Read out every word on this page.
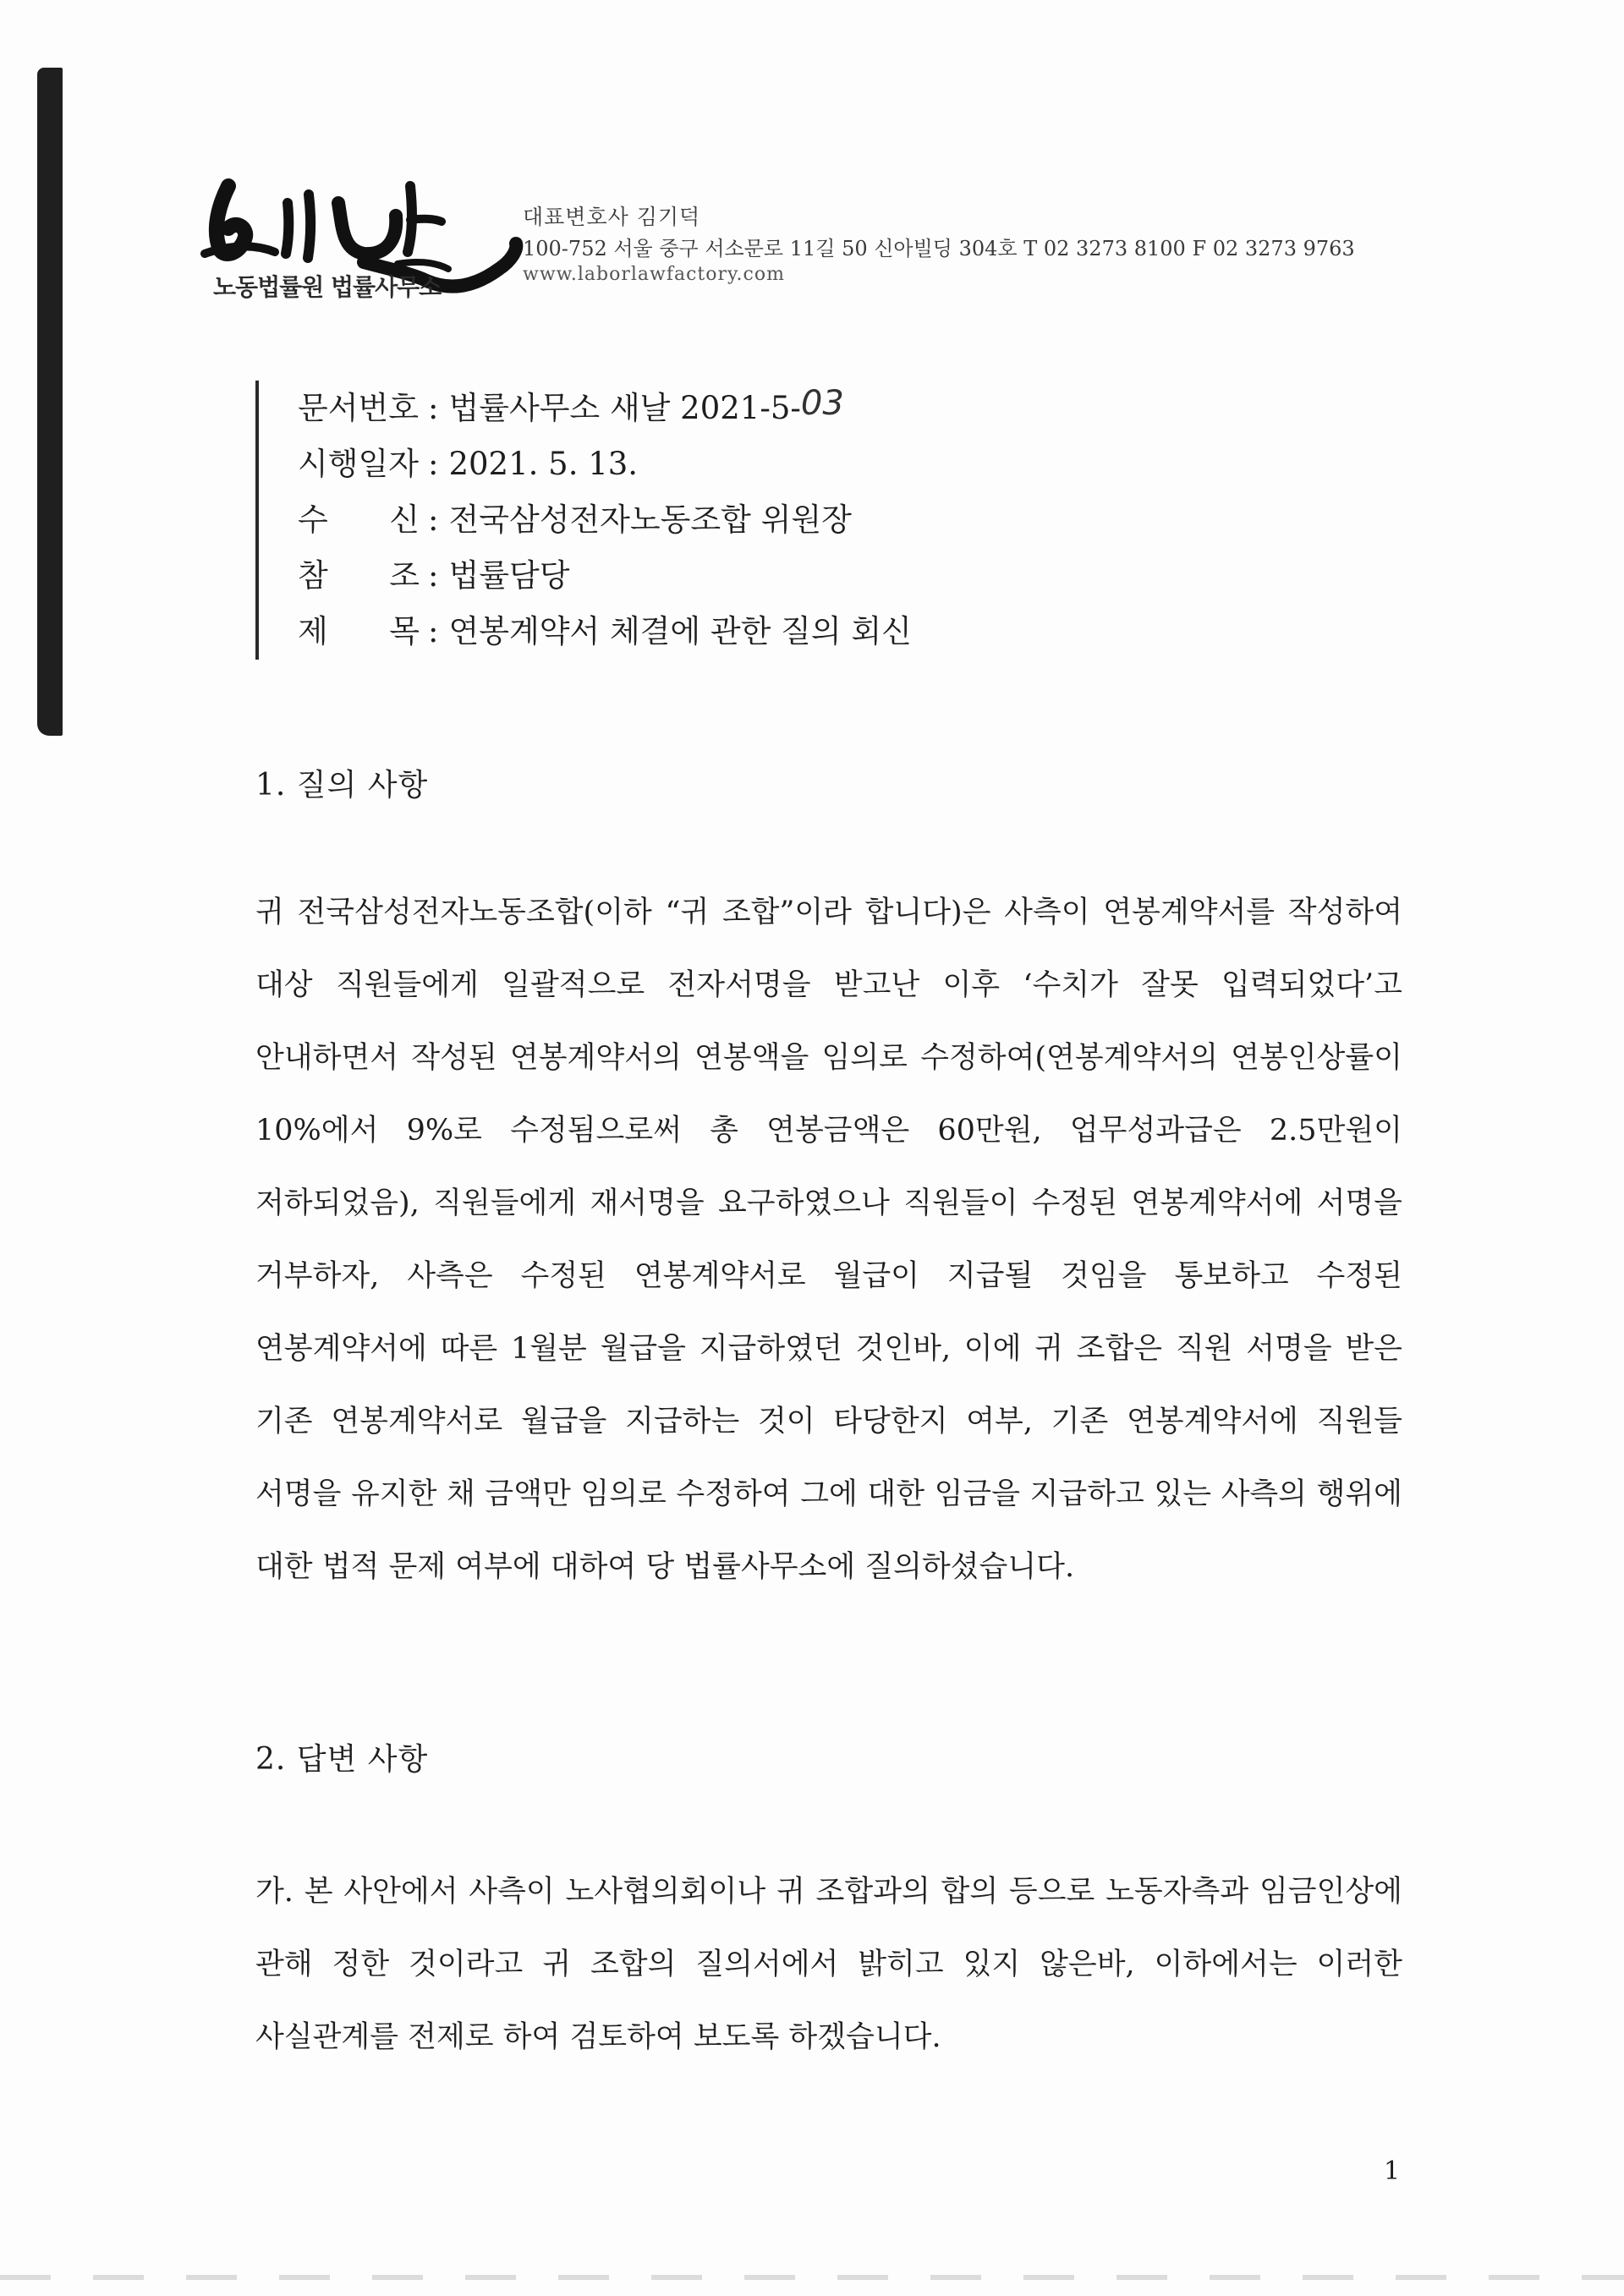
노동법률원 법률사무소
대표변호사 김기덕
100-752 서울 중구 서소문로 11길 50 신아빌딩 304호 T 02 3273 8100 F 02 3273 9763
www.laborlawfactory.com
문서번호 : 법률사무소 새날 2021-5- 03
시행일자 : 2021. 5. 13.
수 신 : 전국삼성전자노동조합 위원장
참 조 : 법률담당
제 목 : 연봉계약서 체결에 관한 질의 회신
1. 질의 사항
귀 전국삼성전자노동조합(이하 “귀 조합”이라 합니다)은 사측이 연봉계약서를 작성하여 대상 직원들에게 일괄적으로 전자서명을 받고난 이후 ‘수치가 잘못 입력되었다’고 안내하면서 작성된 연봉계약서의 연봉액을 임의로 수정하여(연봉계약서의 연봉인상률이 10%에서 9%로 수정됨으로써 총 연봉금액은 60만원, 업무성과급은 2.5만원이 저하되었음), 직원들에게 재서명을 요구하였으나 직원들이 수정된 연봉계약서에 서명을 거부하자, 사측은 수정된 연봉계약서로 월급이 지급될 것임을 통보하고 수정된 연봉계약서에 따른 1월분 월급을 지급하였던 것인바, 이에 귀 조합은 직원 서명을 받은 기존 연봉계약서로 월급을 지급하는 것이 타당한지 여부, 기존 연봉계약서에 직원들 서명을 유지한 채 금액만 임의로 수정하여 그에 대한 임금을 지급하고 있는 사측의 행위에 대한 법적 문제 여부에 대하여 당 법률사무소에 질의하셨습니다.
2. 답변 사항
가. 본 사안에서 사측이 노사협의회이나 귀 조합과의 합의 등으로 노동자측과 임금인상에 관해 정한 것이라고 귀 조합의 질의서에서 밝히고 있지 않은바, 이하에서는 이러한 사실관계를 전제로 하여 검토하여 보도록 하겠습니다.
1
